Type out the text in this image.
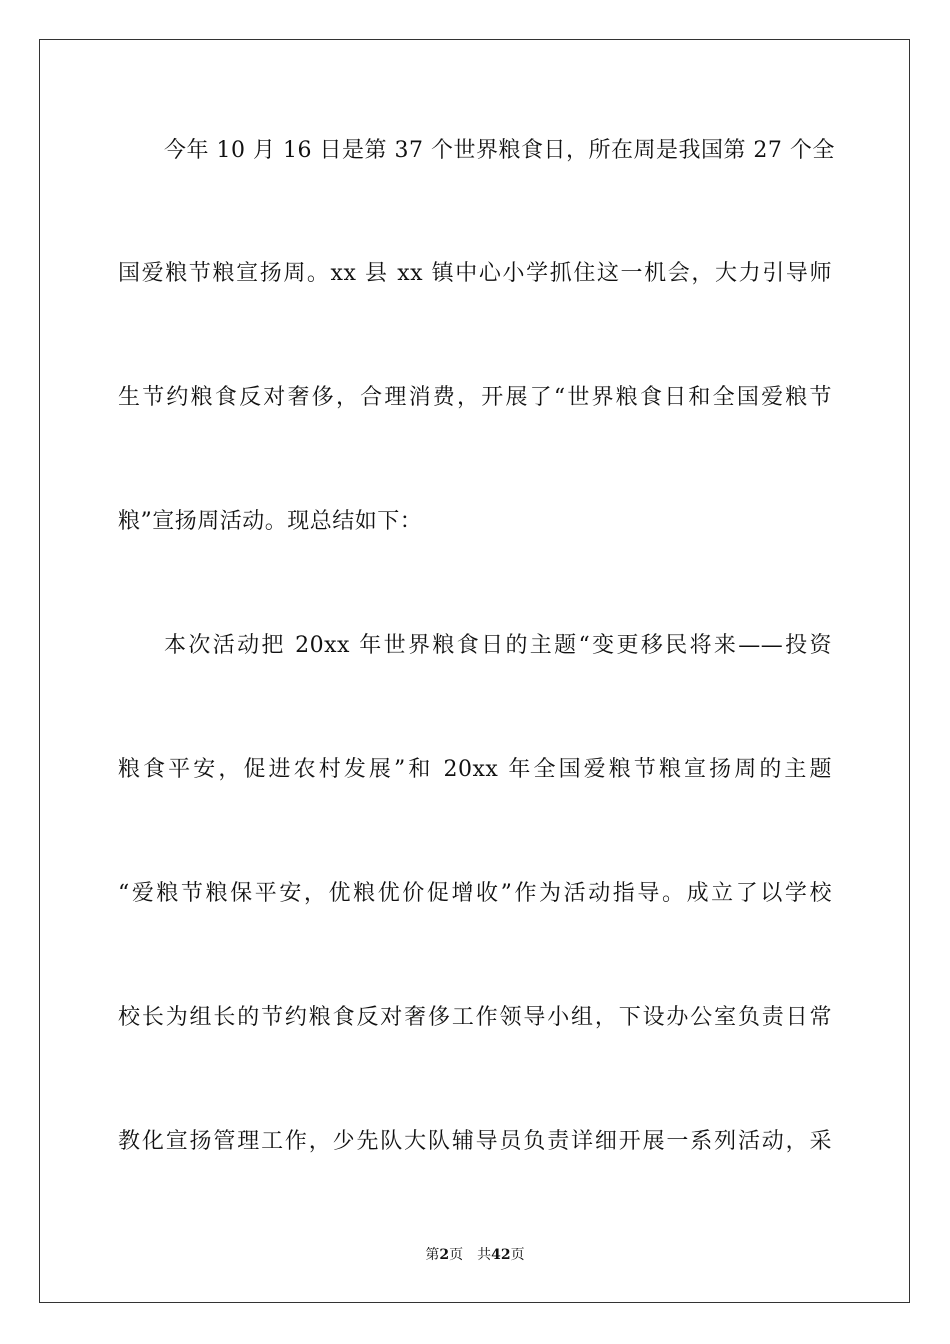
今年 10 月 16 日是第 37 个世界粮食日，所在周是我国第 27 个全
国爱粮节粮宣扬周。xx 县 xx 镇中心小学抓住这一机会，大力引导师
生节约粮食反对奢侈，合理消费，开展了“世界粮食日和全国爱粮节
粮”宣扬周活动。现总结如下：
本次活动把 20xx 年世界粮食日的主题“变更移民将来——投资
粮食平安，促进农村发展”和 20xx 年全国爱粮节粮宣扬周的主题
“爱粮节粮保平安，优粮优价促增收”作为活动指导。成立了以学校
校长为组长的节约粮食反对奢侈工作领导小组，下设办公室负责日常
教化宣扬管理工作，少先队大队辅导员负责详细开展一系列活动，采
第2页 共42页
